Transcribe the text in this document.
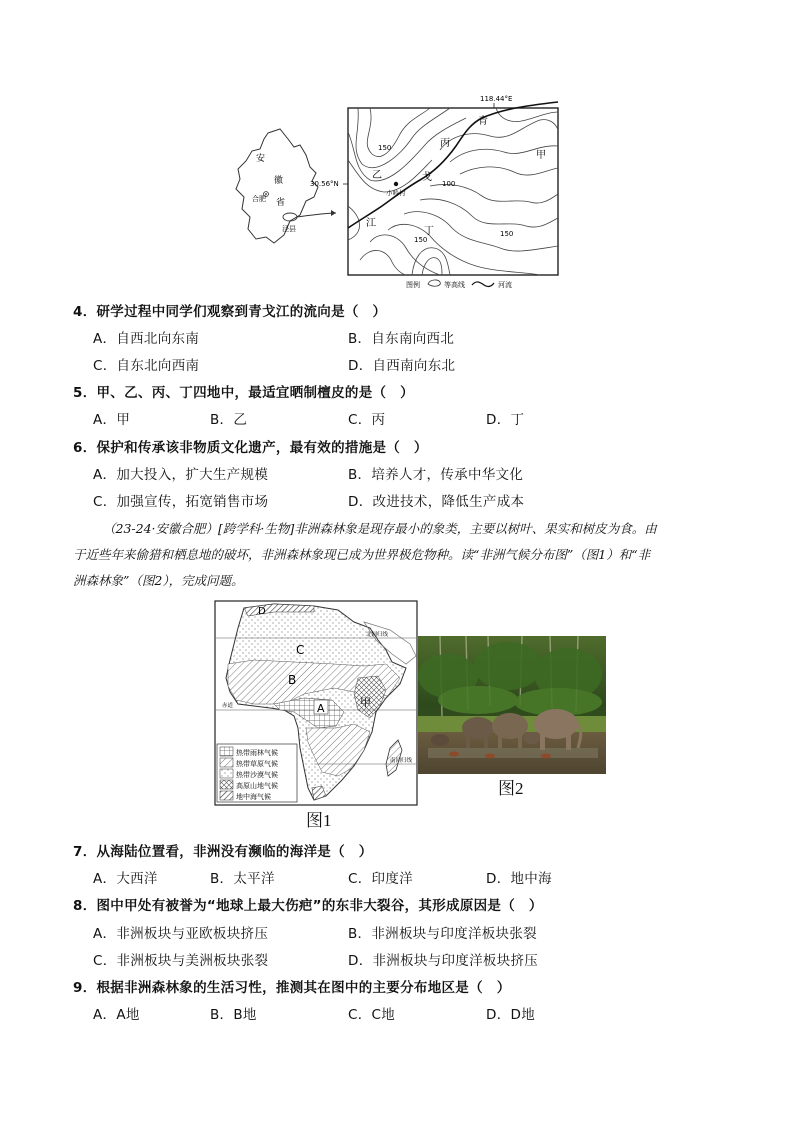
安
徽
省
合肥
泾县
118.44°E
30.56°N
青
甲
丙
乙	戈
江
丁
小岭村
150
100
150
150
图例	等高线	河流
4．研学过程中同学们观察到青戈江的流向是（　）
A．自西北向东南	B．自东南向西北
C．自东北向西南	D．自西南向东北
5．甲、乙、丙、丁四地中，最适宜晒制檀皮的是（　）
A．甲	B．乙	C．丙	D．丁
6．保护和传承该非物质文化遗产，最有效的措施是（　）
A．加大投入，扩大生产规模	B．培养人才，传承中华文化
C．加强宣传，拓宽销售市场	D．改进技术，降低生产成本
（23-24·安徽合肥）[跨学科·生物]非洲森林象是现存最小的象类，主要以树叶、果实和树皮为食。由
于近些年来偷猎和栖息地的破坏，非洲森林象现已成为世界极危物种。读“非洲气候分布图”（图1）和“非
洲森林象”（图2），完成问题。
北回归线
赤道
南回归线
D
C
B
A	甲
热带雨林气候
热带草原气候
热带沙漠气候
高原山地气候
地中海气候
图1
图2
7．从海陆位置看，非洲没有濒临的海洋是（　）
A．大西洋	B．太平洋	C．印度洋	D．地中海
8．图中甲处有被誉为“地球上最大伤疤”的东非大裂谷，其形成原因是（　）
A．非洲板块与亚欧板块挤压	B．非洲板块与印度洋板块张裂
C．非洲板块与美洲板块张裂	D．非洲板块与印度洋板块挤压
9．根据非洲森林象的生活习性，推测其在图中的主要分布地区是（　）
A．A地	B．B地	C．C地	D．D地
